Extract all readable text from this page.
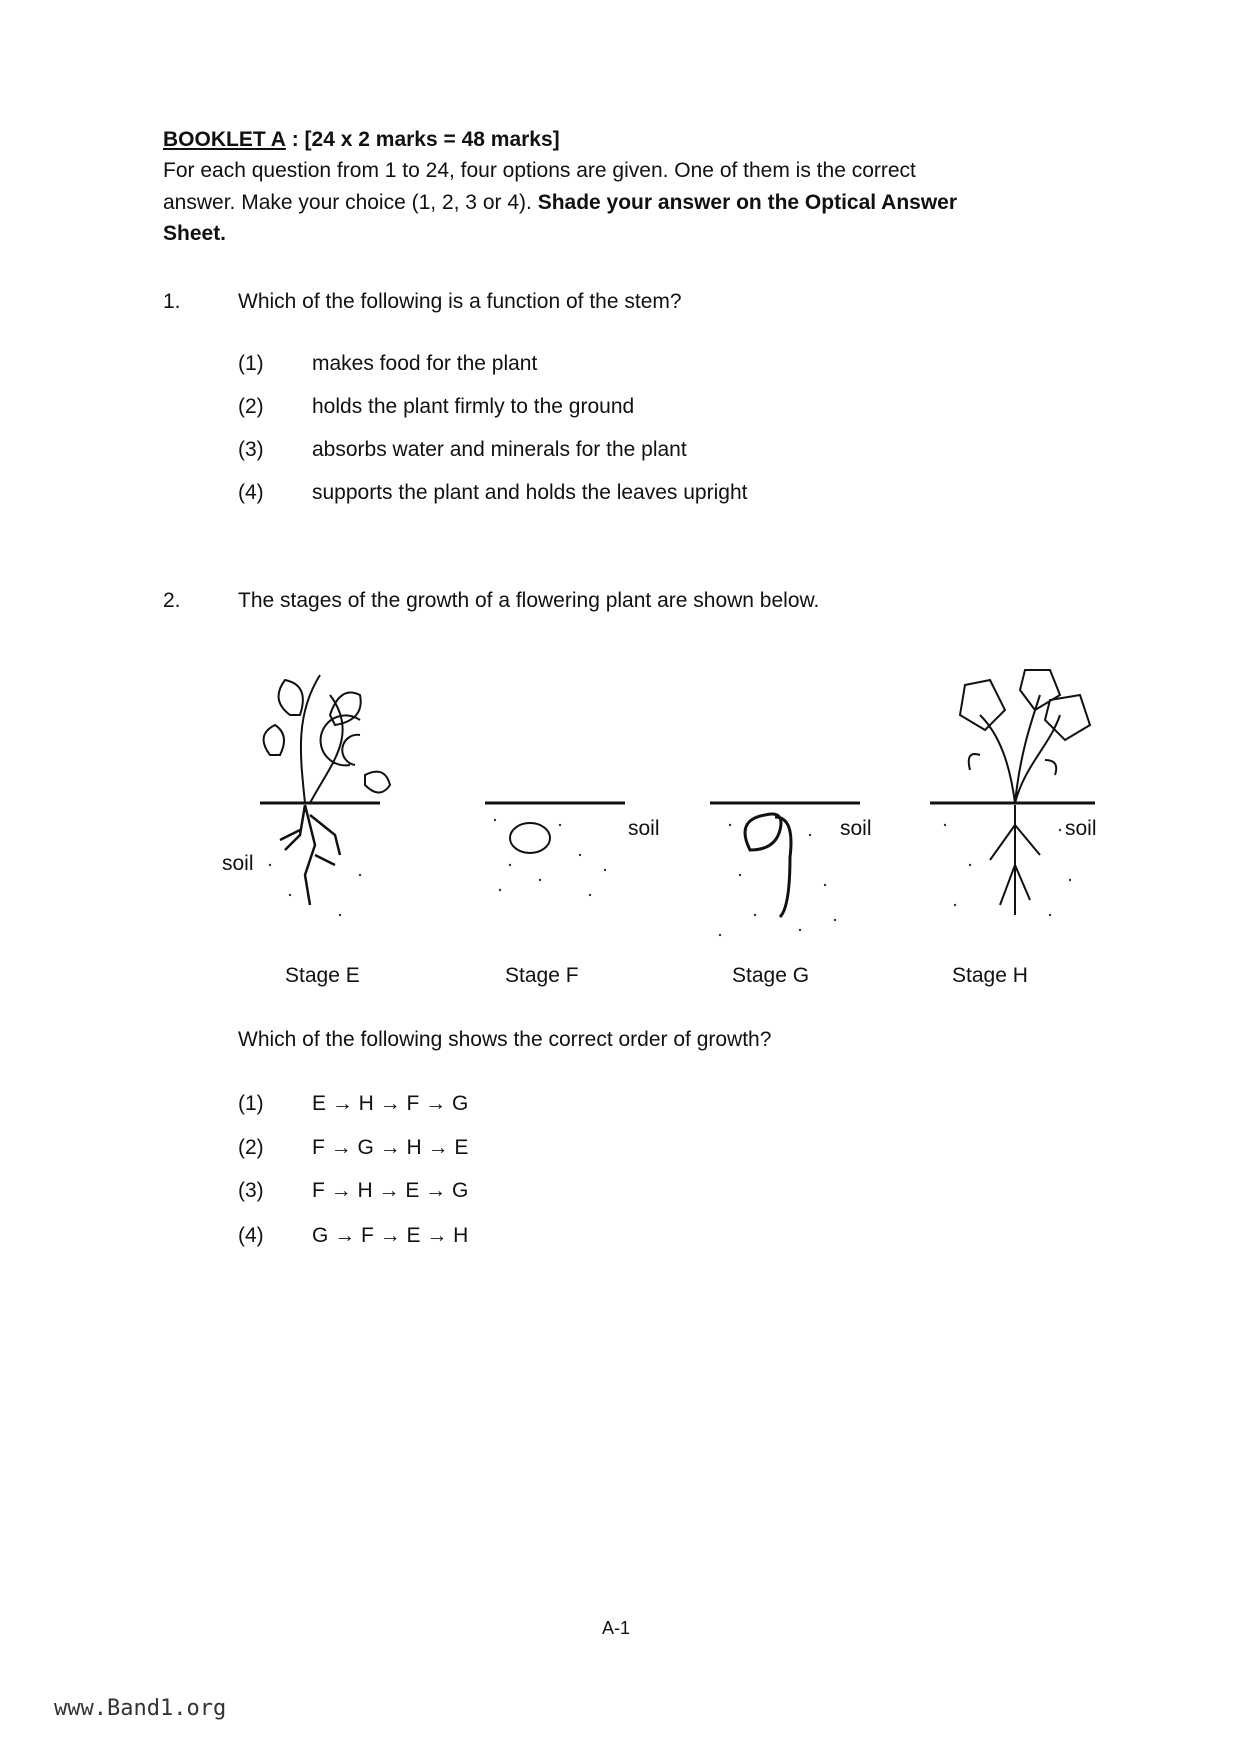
BOOKLET A : [24 x 2 marks = 48 marks]
For each question from 1 to 24, four options are given. One of them is the correct
answer. Make your choice (1, 2, 3 or 4). Shade your answer on the Optical Answer
Sheet.
1.	Which of the following is a function of the stem?
(1) makes food for the plant
(2) holds the plant firmly to the ground
(3) absorbs water and minerals for the plant
(4) supports the plant and holds the leaves upright
2.	The stages of the growth of a flowering plant are shown below.
soil
soil	soil	soil
Stage E	Stage F	Stage G	Stage H
Which of the following shows the correct order of growth?
(1) E → H → F → G
(2) F → G → H → E
(3) F → H → E → G
(4) G → F → E → H
A-1
www.Band1.org
